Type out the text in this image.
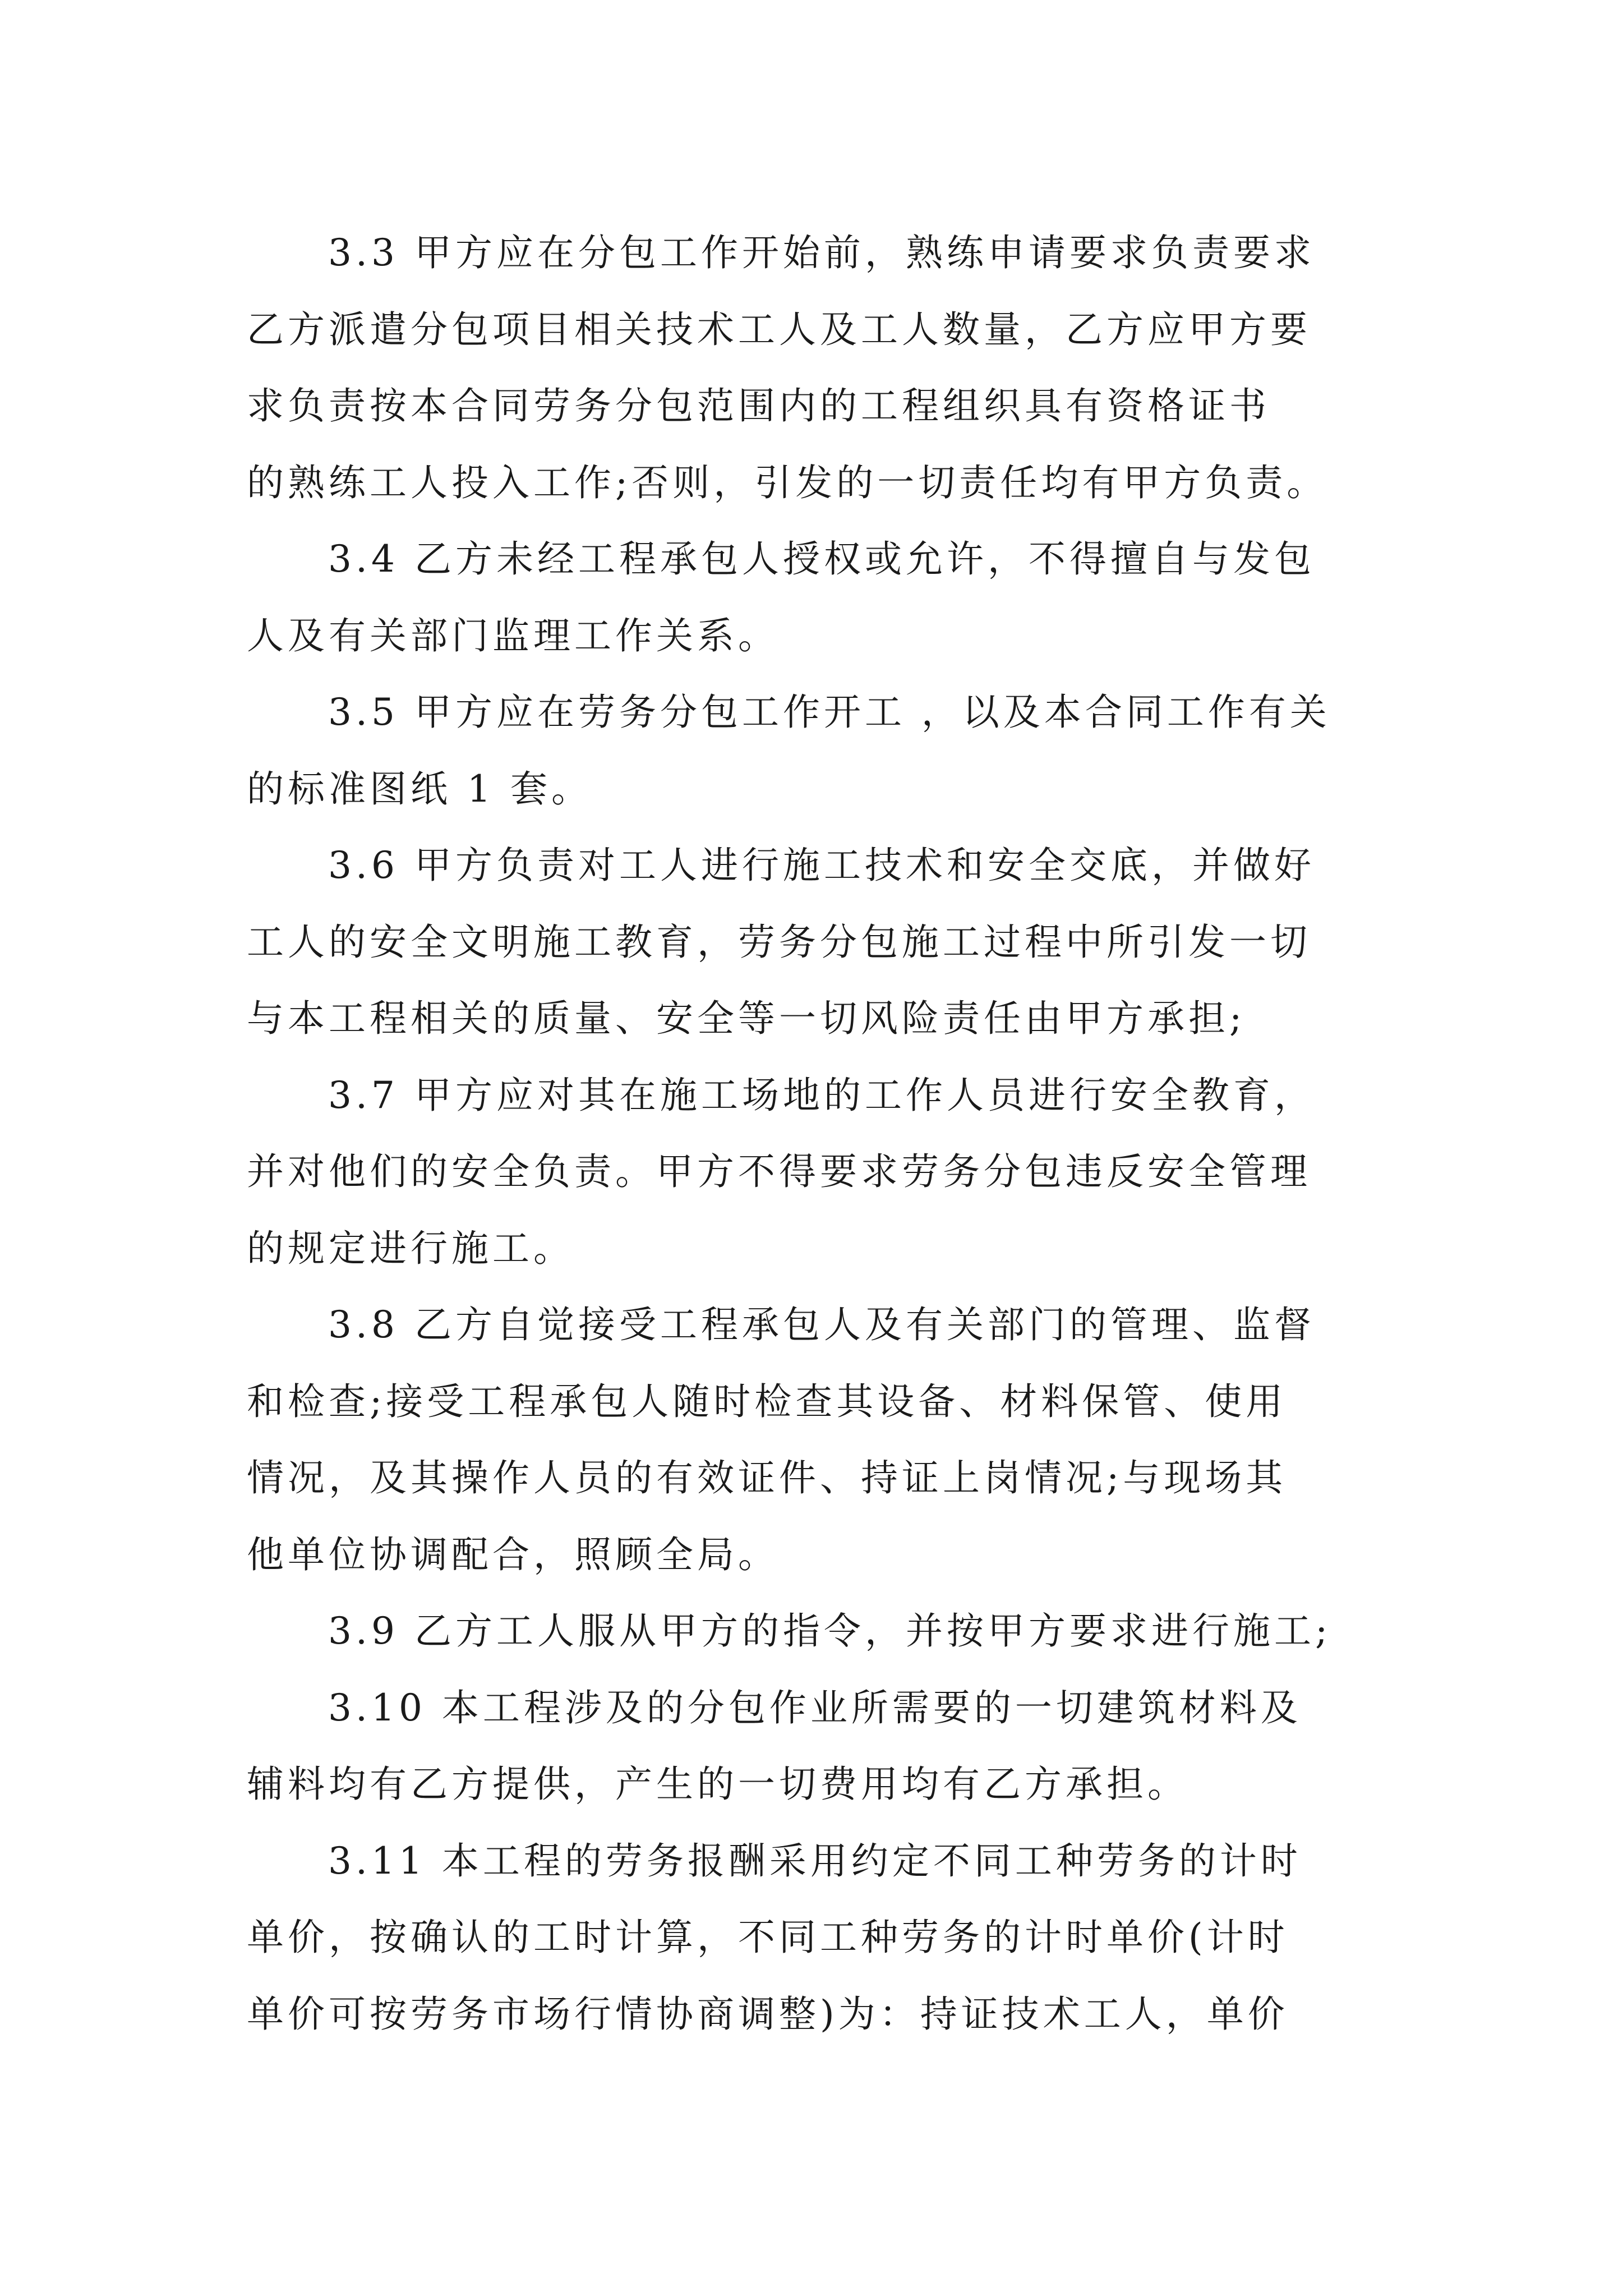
3.3 甲方应在分包工作开始前，熟练申请要求负责要求
乙方派遣分包项目相关技术工人及工人数量，乙方应甲方要
求负责按本合同劳务分包范围内的工程组织具有资格证书
的熟练工人投入工作;否则，引发的一切责任均有甲方负责。
3.4 乙方未经工程承包人授权或允许，不得擅自与发包
人及有关部门监理工作关系。
3.5 甲方应在劳务分包工作开工 ，以及本合同工作有关
的标准图纸 1 套。
3.6 甲方负责对工人进行施工技术和安全交底，并做好
工人的安全文明施工教育，劳务分包施工过程中所引发一切
与本工程相关的质量、安全等一切风险责任由甲方承担;
3.7 甲方应对其在施工场地的工作人员进行安全教育，
并对他们的安全负责。甲方不得要求劳务分包违反安全管理
的规定进行施工。
3.8 乙方自觉接受工程承包人及有关部门的管理、监督
和检查;接受工程承包人随时检查其设备、材料保管、使用
情况，及其操作人员的有效证件、持证上岗情况;与现场其
他单位协调配合，照顾全局。
3.9 乙方工人服从甲方的指令，并按甲方要求进行施工;
3.10 本工程涉及的分包作业所需要的一切建筑材料及
辅料均有乙方提供，产生的一切费用均有乙方承担。
3.11 本工程的劳务报酬采用约定不同工种劳务的计时
单价，按确认的工时计算，不同工种劳务的计时单价(计时
单价可按劳务市场行情协商调整)为：持证技术工人，单价
